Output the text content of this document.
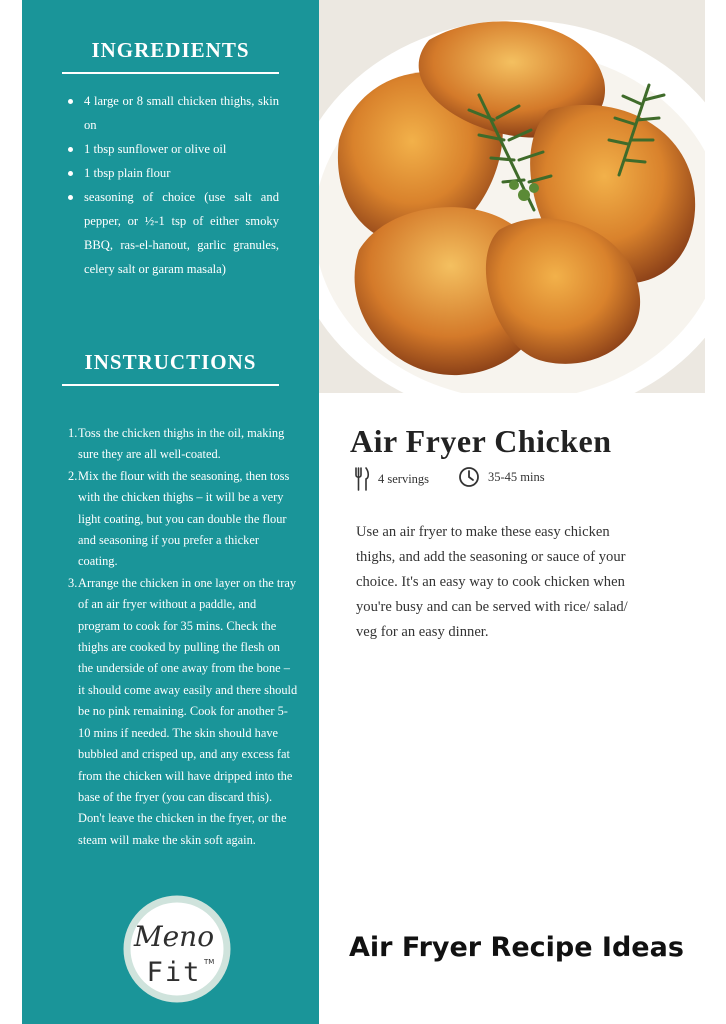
INGREDIENTS
4 large or 8 small chicken thighs, skin on
1 tbsp sunflower or olive oil
1 tbsp plain flour
seasoning of choice (use salt and pepper, or ½-1 tsp of either smoky BBQ, ras-el-hanout, garlic granules, celery salt or garam masala)
INSTRUCTIONS
1. Toss the chicken thighs in the oil, making sure they are all well-coated.
2. Mix the flour with the seasoning, then toss with the chicken thighs – it will be a very light coating, but you can double the flour and seasoning if you prefer a thicker coating.
3. Arrange the chicken in one layer on the tray of an air fryer without a paddle, and program to cook for 35 mins. Check the thighs are cooked by pulling the flesh on the underside of one away from the bone – it should come away easily and there should be no pink remaining. Cook for another 5-10 mins if needed. The skin should have bubbled and crisped up, and any excess fat from the chicken will have dripped into the base of the fryer (you can discard this). Don't leave the chicken in the fryer, or the steam will make the skin soft again.
Meno
Fit TM
Air Fryer Chicken
4 servings	35-45 mins

Use an air fryer to make these easy chicken thighs, and add the seasoning or sauce of your choice. It's an easy way to cook chicken when you're busy and can be served with rice/ salad/ veg for an easy dinner.

Air Fryer Recipe Ideas
